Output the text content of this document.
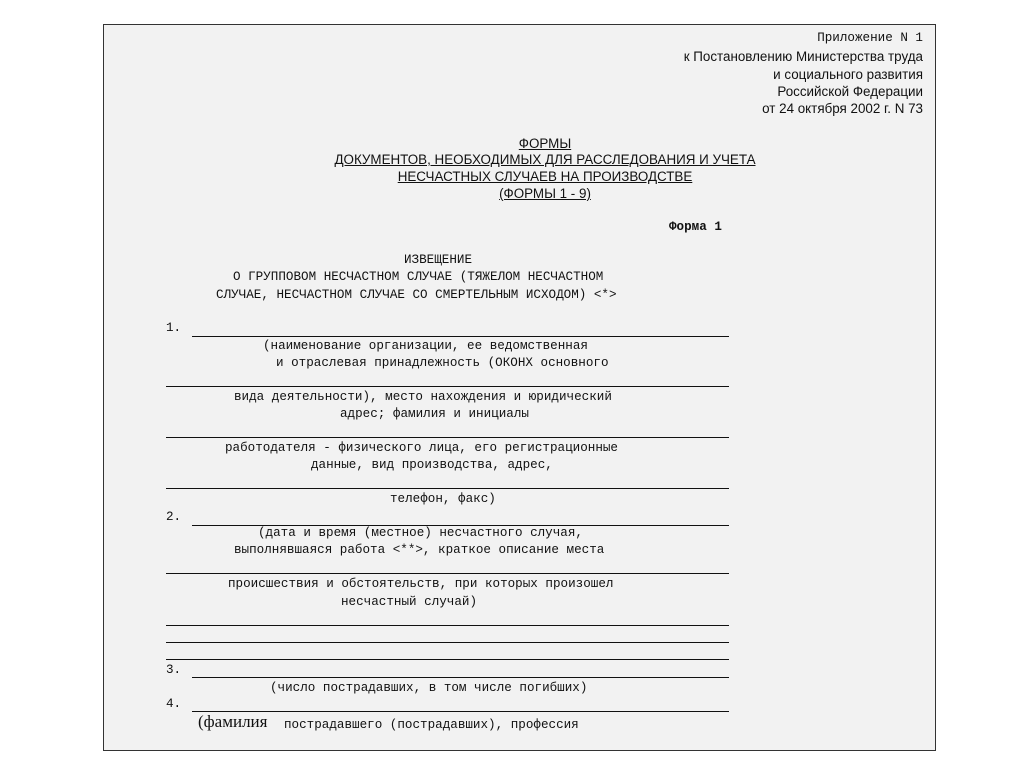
Приложение N 1
к Постановлению Министерства труда
и социального развития
Российской Федерации
от 24 октября 2002 г. N 73
ФОРМЫ
ДОКУМЕНТОВ, НЕОБХОДИМЫХ ДЛЯ РАССЛЕДОВАНИЯ И УЧЕТА
НЕСЧАСТНЫХ СЛУЧАЕВ НА ПРОИЗВОДСТВЕ
(ФОРМЫ 1 - 9)
Форма 1
ИЗВЕЩЕНИЕ
О ГРУППОВОМ НЕСЧАСТНОМ СЛУЧАЕ (ТЯЖЕЛОМ НЕСЧАСТНОМ
СЛУЧАЕ, НЕСЧАСТНОМ СЛУЧАЕ СО СМЕРТЕЛЬНЫМ ИСХОДОМ) <*>
1.
(наименование организации, ее ведомственная
и отраслевая принадлежность (ОКОНХ основного
вида деятельности), место нахождения и юридический
адрес; фамилия и инициалы
работодателя - физического лица, его регистрационные
данные, вид производства, адрес,
телефон, факс)
2.
(дата и время (местное) несчастного случая,
выполнявшаяся работа <**>, краткое описание места
происшествия и обстоятельств, при которых произошел
несчастный случай)
3.
(число пострадавших, в том числе погибших)
4.
(фамилия пострадавшего (пострадавших), профессия
